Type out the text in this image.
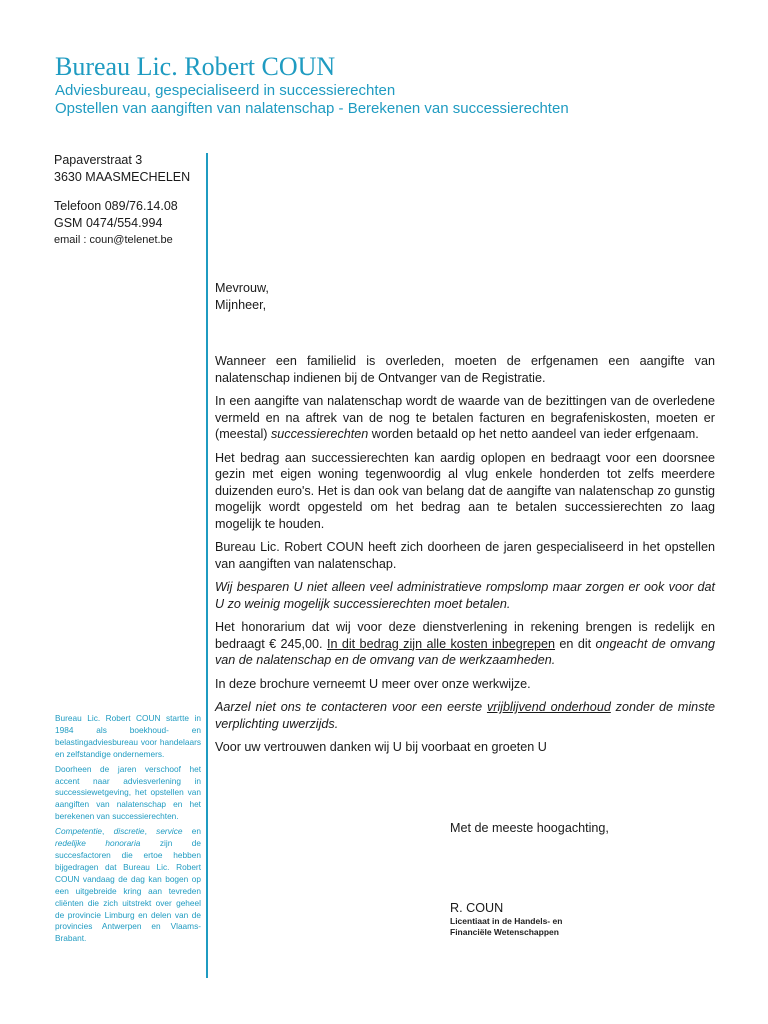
Bureau Lic. Robert COUN

Adviesbureau, gespecialiseerd in successierechten

Opstellen van aangiften van nalatenschap - Berekenen van successierechten

Papaverstraat 3
3630 MAASMECHELEN
Telefoon 089/76.14.08
GSM 0474/554.994
email : coun@telenet.be

Bureau Lic. Robert COUN startte in 1984 als boekhoud- en belastingadviesbureau voor handelaars en zelfstandige ondernemers.

Doorheen de jaren verschoof het accent naar adviesverlening in successiewetgeving, het opstellen van aangiften van nalatenschap en het berekenen van successierechten.

Competentie, discretie, service en redelijke honoraria zijn de succesfactoren die ertoe hebben bijgedragen dat Bureau Lic. Robert COUN vandaag de dag kan bogen op een uitgebreide kring aan tevreden cliënten die zich uitstrekt over geheel de provincie Limburg en delen van de provincies Antwerpen en Vlaams-Brabant.

Mevrouw,
Mijnheer,

Wanneer een familielid is overleden, moeten de erfgenamen een aangifte van nalatenschap indienen bij de Ontvanger van de Registratie.

In een aangifte van nalatenschap wordt de waarde van de bezittingen van de overledene vermeld en na aftrek van de nog te betalen facturen en begrafeniskosten, moeten er (meestal) successierechten worden betaald op het netto aandeel van ieder erfgenaam.

Het bedrag aan successierechten kan aardig oplopen en bedraagt voor een doorsnee gezin met eigen woning tegenwoordig al vlug enkele honderden tot zelfs meerdere duizenden euro's. Het is dan ook van belang dat de aangifte van nalatenschap zo gunstig mogelijk wordt opgesteld om het bedrag aan te betalen successierechten zo laag mogelijk te houden.

Bureau Lic. Robert COUN heeft zich doorheen de jaren gespecialiseerd in het opstellen van aangiften van nalatenschap.

Wij besparen U niet alleen veel administratieve rompslomp maar zorgen er ook voor dat U zo weinig mogelijk successierechten moet betalen.

Het honorarium dat wij voor deze dienstverlening in rekening brengen is redelijk en bedraagt € 245,00. In dit bedrag zijn alle kosten inbegrepen en dit ongeacht de omvang van de nalatenschap en de omvang van de werkzaamheden.

In deze brochure verneemt U meer over onze werkwijze.

Aarzel niet ons te contacteren voor een eerste vrijblijvend onderhoud zonder de minste verplichting uwerzijds.

Voor uw vertrouwen danken wij U bij voorbaat en groeten U

Met de meeste hoogachting,
R. COUN
Licentiaat in de Handels- en
Financiële Wetenschappen
